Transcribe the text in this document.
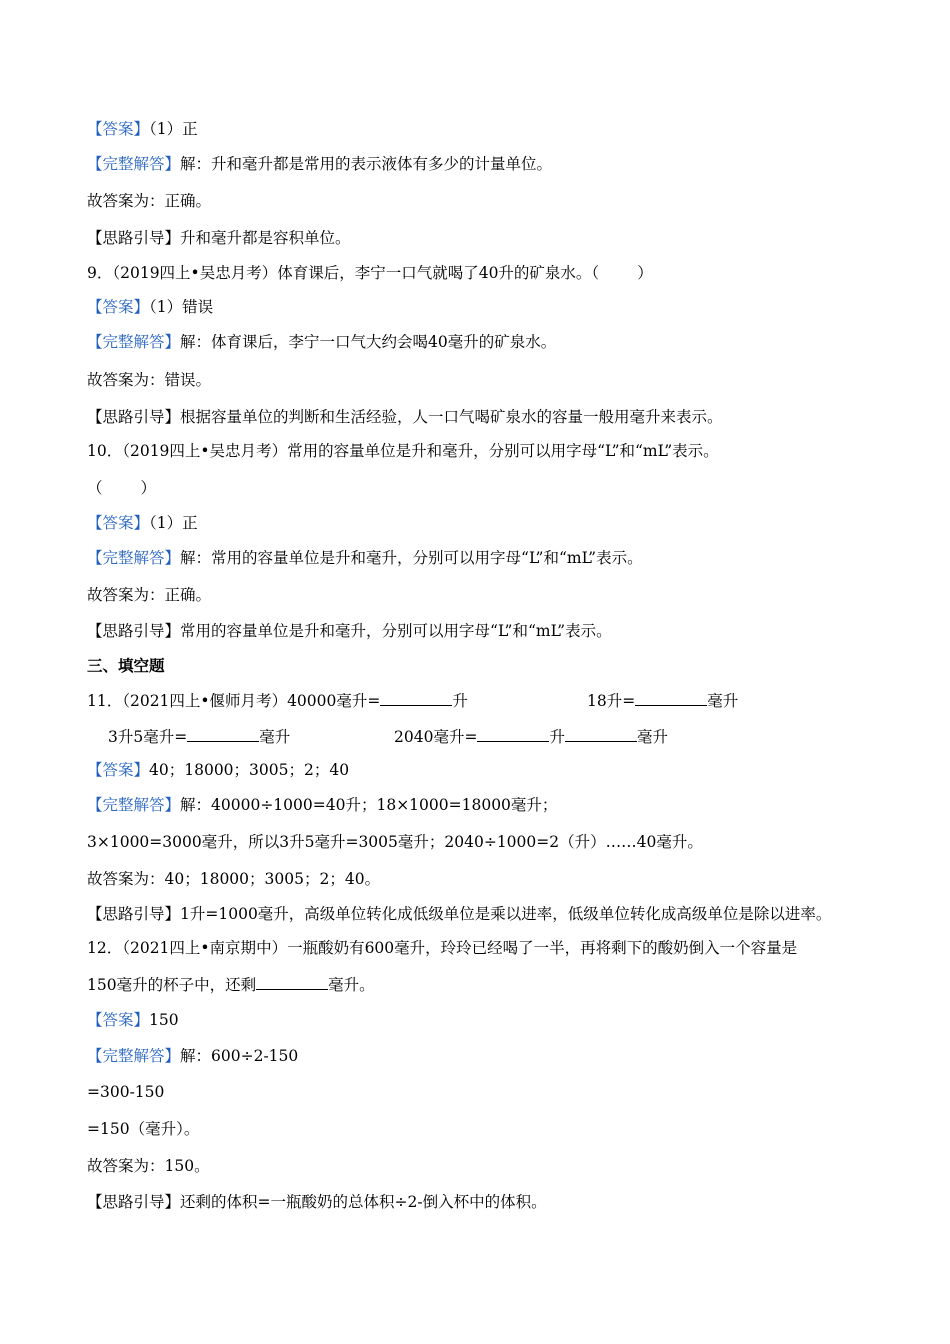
【答案】（1）正
【完整解答】解：升和毫升都是常用的表示液体有多少的计量单位。
故答案为：正确。
【思路引导】升和毫升都是容积单位。
9．（2019四上•吴忠月考）体育课后，李宁一口气就喝了40升的矿泉水。（ ）
【答案】（1）错误
【完整解答】解：体育课后，李宁一口气大约会喝40毫升的矿泉水。
故答案为：错误。
【思路引导】根据容量单位的判断和生活经验，人一口气喝矿泉水的容量一般用毫升来表示。
10．（2019四上•吴忠月考）常用的容量单位是升和毫升，分别可以用字母“L”和“mL”表示。
（ ）
【答案】（1）正
【完整解答】解：常用的容量单位是升和毫升，分别可以用字母“L”和“mL”表示。
故答案为：正确。
【思路引导】常用的容量单位是升和毫升，分别可以用字母“L”和“mL”表示。
三、填空题
11．（2021四上•偃师月考）40000毫升=	升	18升=	毫升
3升5毫升=	毫升	2040毫升=	升	毫升
【答案】40；18000；3005；2；40
【完整解答】解：40000÷1000=40升；18×1000=18000毫升；
3×1000=3000毫升，所以3升5毫升=3005毫升；2040÷1000=2（升）……40毫升。
故答案为：40；18000；3005；2；40。
【思路引导】1升=1000毫升，高级单位转化成低级单位是乘以进率，低级单位转化成高级单位是除以进率。
12．（2021四上•南京期中）一瓶酸奶有600毫升，玲玲已经喝了一半，再将剩下的酸奶倒入一个容量是
150毫升的杯子中，还剩	毫升。
【答案】150
【完整解答】解：600÷2-150
=300-150
=150（毫升）。
故答案为：150。
【思路引导】还剩的体积=一瓶酸奶的总体积÷2-倒入杯中的体积。
